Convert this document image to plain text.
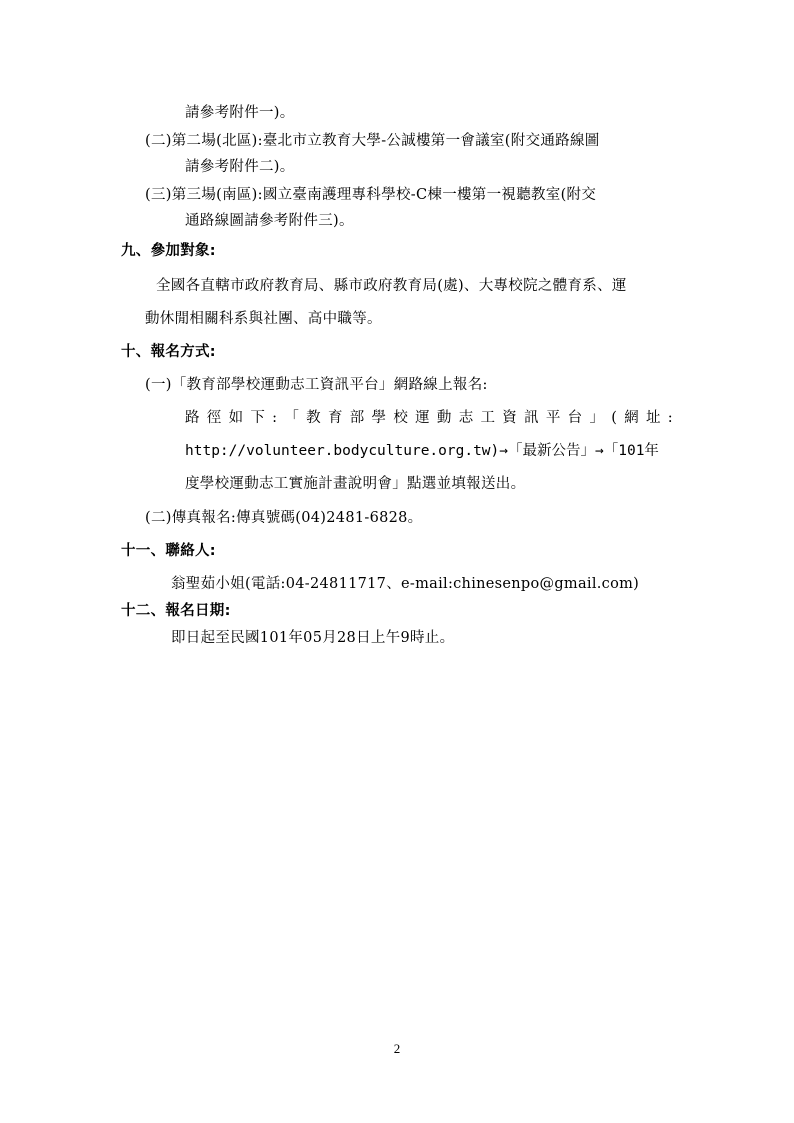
請參考附件一)。
(二)第二場(北區):臺北市立教育大學-公誠樓第一會議室(附交通路線圖
請參考附件二)。
(三)第三場(南區):國立臺南護理專科學校-C棟一樓第一視聽教室(附交
通路線圖請參考附件三)。
九、參加對象:
全國各直轄市政府教育局、縣市政府教育局(處)、大專校院之體育系、運
動休閒相關科系與社團、高中職等。
十、報名方式:
(一)「教育部學校運動志工資訊平台」網路線上報名:
路徑如下:「教育部學校運動志工資訊平台」(網址:
http://volunteer.bodyculture.org.tw)→「最新公告」→「101年
度學校運動志工實施計畫說明會」點選並填報送出。
(二)傳真報名:傳真號碼(04)2481-6828。
十一、聯絡人:
翁聖茹小姐(電話:04-24811717、e-mail:chinesenpo@gmail.com)
十二、報名日期:
即日起至民國101年05月28日上午9時止。
2
